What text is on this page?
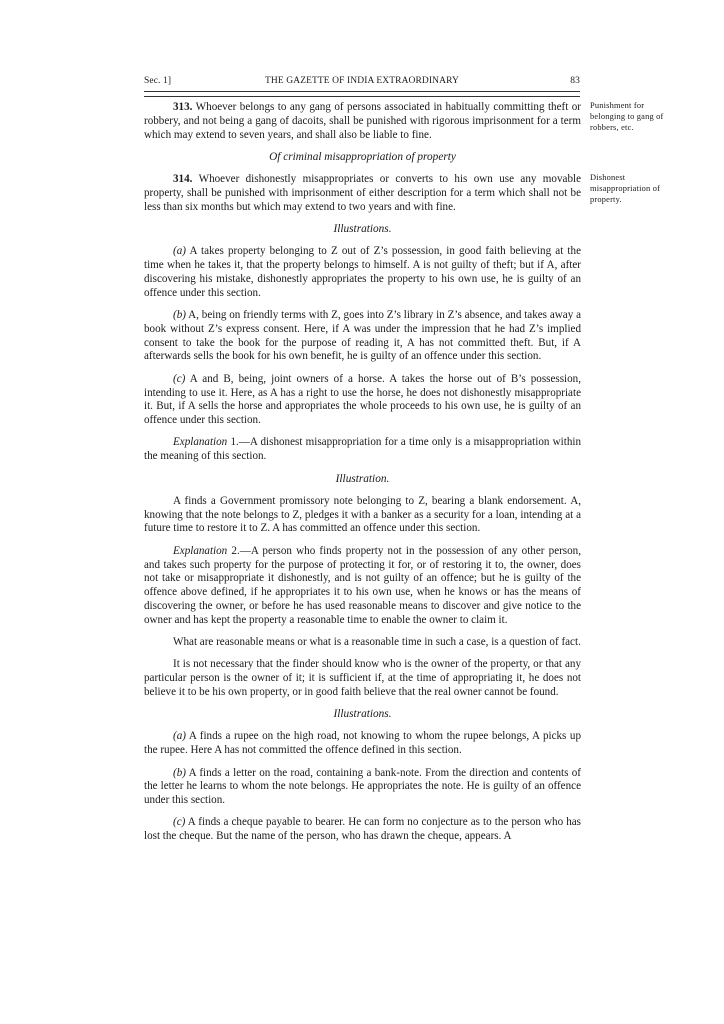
Sec. 1]	THE GAZETTE OF INDIA EXTRAORDINARY	83
Punishment for belonging to gang of robbers, etc.
Dishonest misappropriation of property.

313. Whoever belongs to any gang of persons associated in habitually committing theft or robbery, and not being a gang of dacoits, shall be punished with rigorous imprisonment for a term which may extend to seven years, and shall also be liable to fine.

Of criminal misappropriation of property

314. Whoever dishonestly misappropriates or converts to his own use any movable property, shall be punished with imprisonment of either description for a term which shall not be less than six months but which may extend to two years and with fine.

Illustrations.

(a) A takes property belonging to Z out of Z’s possession, in good faith believing at the time when he takes it, that the property belongs to himself. A is not guilty of theft; but if A, after discovering his mistake, dishonestly appropriates the property to his own use, he is guilty of an offence under this section.

(b) A, being on friendly terms with Z, goes into Z’s library in Z’s absence, and takes away a book without Z’s express consent. Here, if A was under the impression that he had Z’s implied consent to take the book for the purpose of reading it, A has not committed theft. But, if A afterwards sells the book for his own benefit, he is guilty of an offence under this section.

(c) A and B, being, joint owners of a horse. A takes the horse out of B’s possession, intending to use it. Here, as A has a right to use the horse, he does not dishonestly misappropriate it. But, if A sells the horse and appropriates the whole proceeds to his own use, he is guilty of an offence under this section.

Explanation 1.—A dishonest misappropriation for a time only is a misappropriation within the meaning of this section.

Illustration.

A finds a Government promissory note belonging to Z, bearing a blank endorsement. A, knowing that the note belongs to Z, pledges it with a banker as a security for a loan, intending at a future time to restore it to Z. A has committed an offence under this section.

Explanation 2.—A person who finds property not in the possession of any other person, and takes such property for the purpose of protecting it for, or of restoring it to, the owner, does not take or misappropriate it dishonestly, and is not guilty of an offence; but he is guilty of the offence above defined, if he appropriates it to his own use, when he knows or has the means of discovering the owner, or before he has used reasonable means to discover and give notice to the owner and has kept the property a reasonable time to enable the owner to claim it.

What are reasonable means or what is a reasonable time in such a case, is a question of fact.

It is not necessary that the finder should know who is the owner of the property, or that any particular person is the owner of it; it is sufficient if, at the time of appropriating it, he does not believe it to be his own property, or in good faith believe that the real owner cannot be found.

Illustrations.

(a) A finds a rupee on the high road, not knowing to whom the rupee belongs, A picks up the rupee. Here A has not committed the offence defined in this section.

(b) A finds a letter on the road, containing a bank-note. From the direction and contents of the letter he learns to whom the note belongs. He appropriates the note. He is guilty of an offence under this section.

(c) A finds a cheque payable to bearer. He can form no conjecture as to the person who has lost the cheque. But the name of the person, who has drawn the cheque, appears. A
